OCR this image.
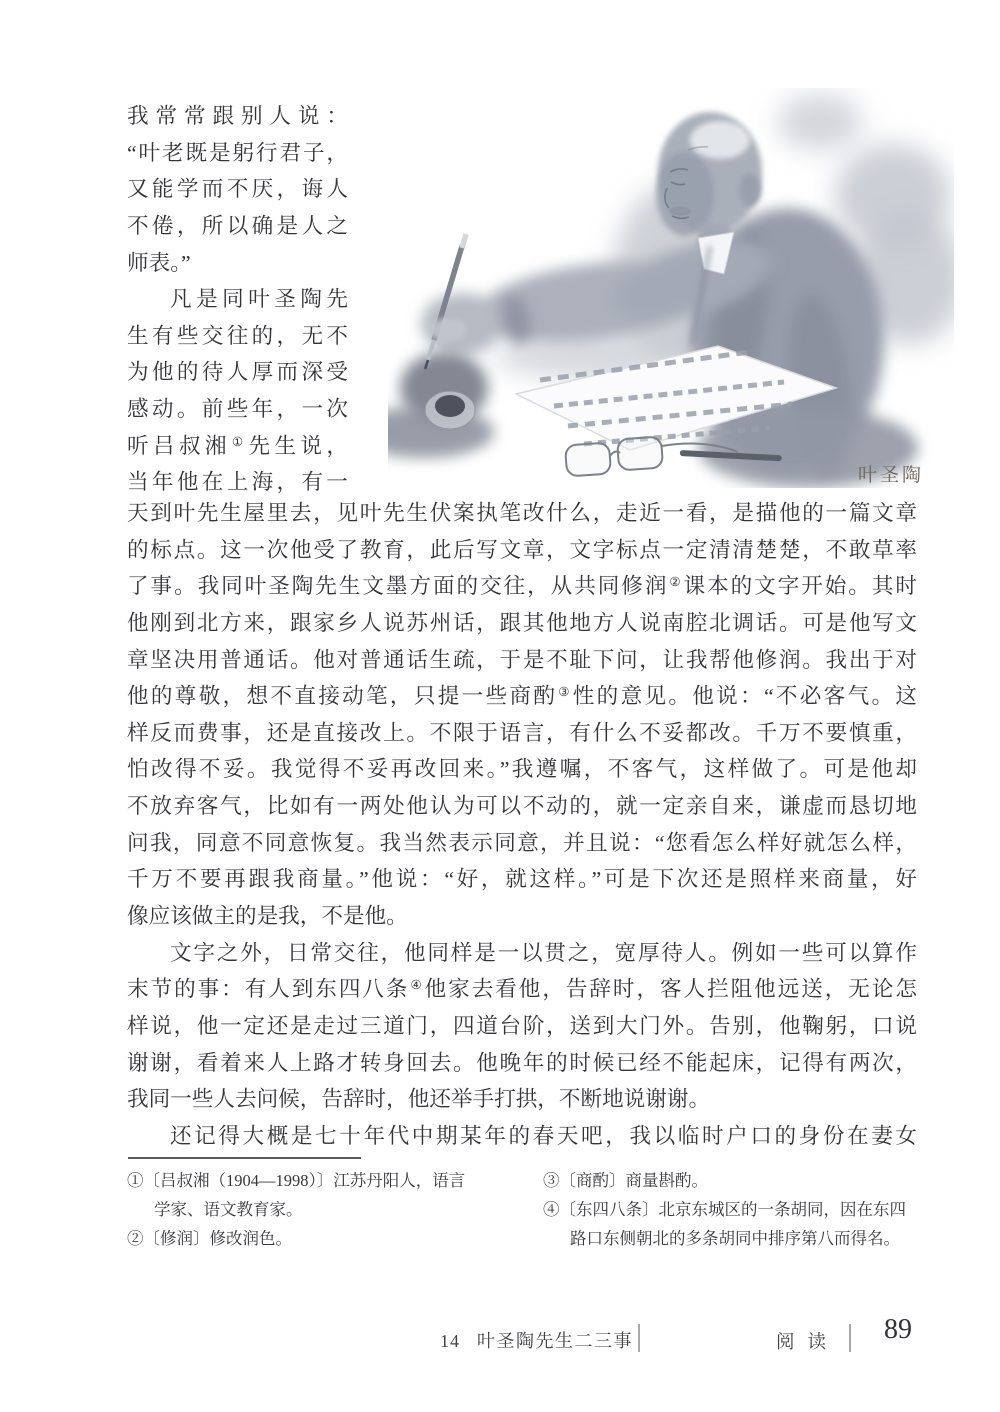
我常常跟别人说：
“叶老既是躬行君子，
又能学而不厌，诲人
不倦，所以确是人之
师表。”
凡是同叶圣陶先
生有些交往的，无不
为他的待人厚而深受
感动。前些年，一次
听吕叔湘①先生说，
当年他在上海，有一	叶圣陶
天到叶先生屋里去，见叶先生伏案执笔改什么，走近一看，是描他的一篇文章
的标点。这一次他受了教育，此后写文章，文字标点一定清清楚楚，不敢草率
了事。我同叶圣陶先生文墨方面的交往，从共同修润②课本的文字开始。其时
他刚到北方来，跟家乡人说苏州话，跟其他地方人说南腔北调话。可是他写文
章坚决用普通话。他对普通话生疏，于是不耻下问，让我帮他修润。我出于对
他的尊敬，想不直接动笔，只提一些商酌③性的意见。他说：“不必客气。这
样反而费事，还是直接改上。不限于语言，有什么不妥都改。千万不要慎重，
怕改得不妥。我觉得不妥再改回来。”我遵嘱，不客气，这样做了。可是他却
不放弃客气，比如有一两处他认为可以不动的，就一定亲自来，谦虚而恳切地
问我，同意不同意恢复。我当然表示同意，并且说：“您看怎么样好就怎么样，
千万不要再跟我商量。”他说：“好，就这样。”可是下次还是照样来商量，好
像应该做主的是我，不是他。
文字之外，日常交往，他同样是一以贯之，宽厚待人。例如一些可以算作
末节的事：有人到东四八条④他家去看他，告辞时，客人拦阻他远送，无论怎
样说，他一定还是走过三道门，四道台阶，送到大门外。告别，他鞠躬，口说
谢谢，看着来人上路才转身回去。他晚年的时候已经不能起床，记得有两次，
我同一些人去问候，告辞时，他还举手打拱，不断地说谢谢。
还记得大概是七十年代中期某年的春天吧，我以临时户口的身份在妻女
①〔吕叔湘（1904—1998）〕江苏丹阳人，语言
学家、语文教育家。
②〔修润〕修改润色。
③〔商酌〕商量斟酌。
④〔东四八条〕北京东城区的一条胡同，因在东四
路口东侧朝北的多条胡同中排序第八而得名。
14 叶圣陶先生二三事	阅读 89
